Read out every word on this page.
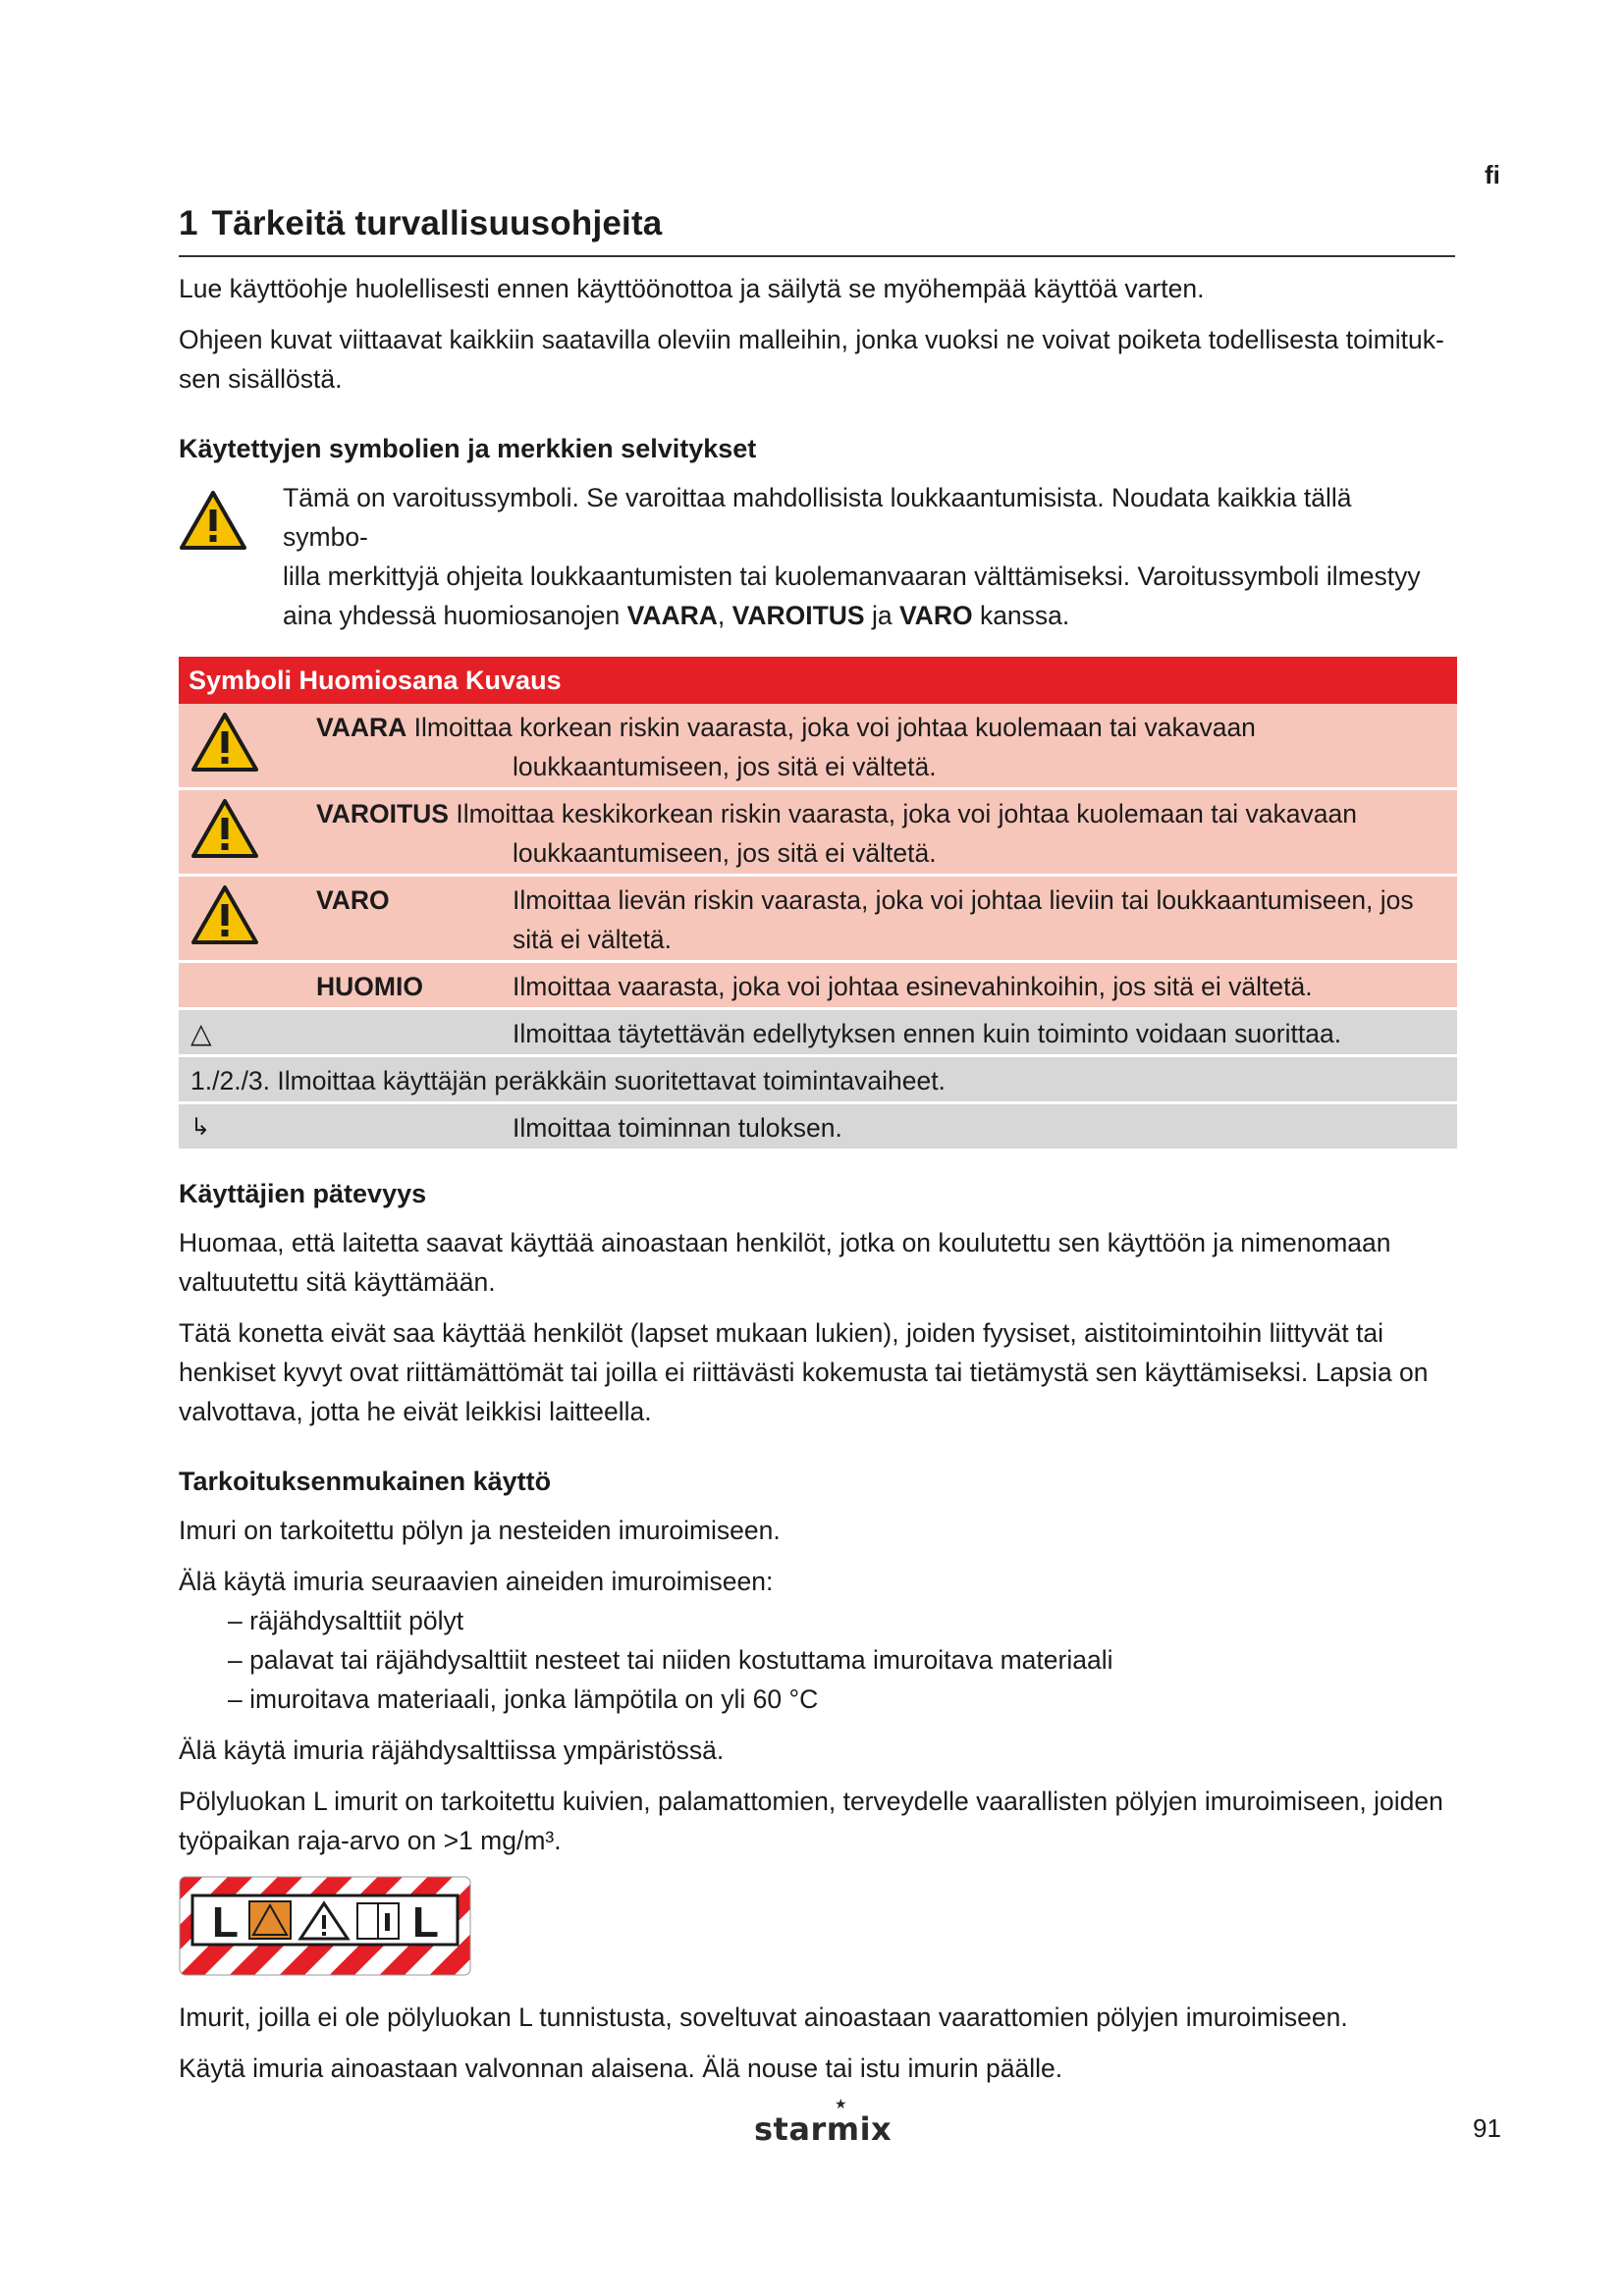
fi
1 Tärkeitä turvallisuusohjeita

Lue käyttöohje huolellisesti ennen käyttöönottoa ja säilytä se myöhempää käyttöä varten.

Ohjeen kuvat viittaavat kaikkiin saatavilla oleviin malleihin, jonka vuoksi ne voivat poiketa todellisesta toimituk-
sen sisällöstä.

Käytettyjen symbolien ja merkkien selvitykset
Tämä on varoitussymboli. Se varoittaa mahdollisista loukkaantumisista. Noudata kaikkia tällä symbo-
lilla merkittyjä ohjeita loukkaantumisten tai kuolemanvaaran välttämiseksi. Varoitussymboli ilmestyy
aina yhdessä huomiosanojen VAARA, VAROITUS ja VARO kanssa.
Symboli Huomiosana Kuvaus
VAARA Ilmoittaa korkean riskin vaarasta, joka voi johtaa kuolemaan tai vakavaan
loukkaantumiseen, jos sitä ei vältetä.
VAROITUS Ilmoittaa keskikorkean riskin vaarasta, joka voi johtaa kuolemaan tai vakavaan
loukkaantumiseen, jos sitä ei vältetä.
VARO	Ilmoittaa lievän riskin vaarasta, joka voi johtaa lieviin tai loukkaantumiseen, jos
sitä ei vältetä.
HUOMIO	Ilmoittaa vaarasta, joka voi johtaa esinevahinkoihin, jos sitä ei vältetä.
△	Ilmoittaa täytettävän edellytyksen ennen kuin toiminto voidaan suorittaa.
1./2./3. Ilmoittaa käyttäjän peräkkäin suoritettavat toimintavaiheet.
↳	Ilmoittaa toiminnan tuloksen.
Käyttäjien pätevyys

Huomaa, että laitetta saavat käyttää ainoastaan henkilöt, jotka on koulutettu sen käyttöön ja nimenomaan
valtuutettu sitä käyttämään.

Tätä konetta eivät saa käyttää henkilöt (lapset mukaan lukien), joiden fyysiset, aistitoimintoihin liittyvät tai
henkiset kyvyt ovat riittämättömät tai joilla ei riittävästi kokemusta tai tietämystä sen käyttämiseksi. Lapsia on
valvottava, jotta he eivät leikkisi laitteella.

Tarkoituksenmukainen käyttö

Imuri on tarkoitettu pölyn ja nesteiden imuroimiseen.

Älä käytä imuria seuraavien aineiden imuroimiseen:

– räjähdysalttiit pölyt
– palavat tai räjähdysalttiit nesteet tai niiden kostuttama imuroitava materiaali
– imuroitava materiaali, jonka lämpötila on yli 60 °C

Älä käytä imuria räjähdysalttiissa ympäristössä.

Pölyluokan L imurit on tarkoitettu kuivien, palamattomien, terveydelle vaarallisten pölyjen imuroimiseen, joiden
työpaikan raja-arvo on >1 mg/m³.

L	L

Imurit, joilla ei ole pölyluokan L tunnistusta, soveltuvat ainoastaan vaarattomien pölyjen imuroimiseen.

Käytä imuria ainoastaan valvonnan alaisena. Älä nouse tai istu imurin päälle.

starmix
★
91
